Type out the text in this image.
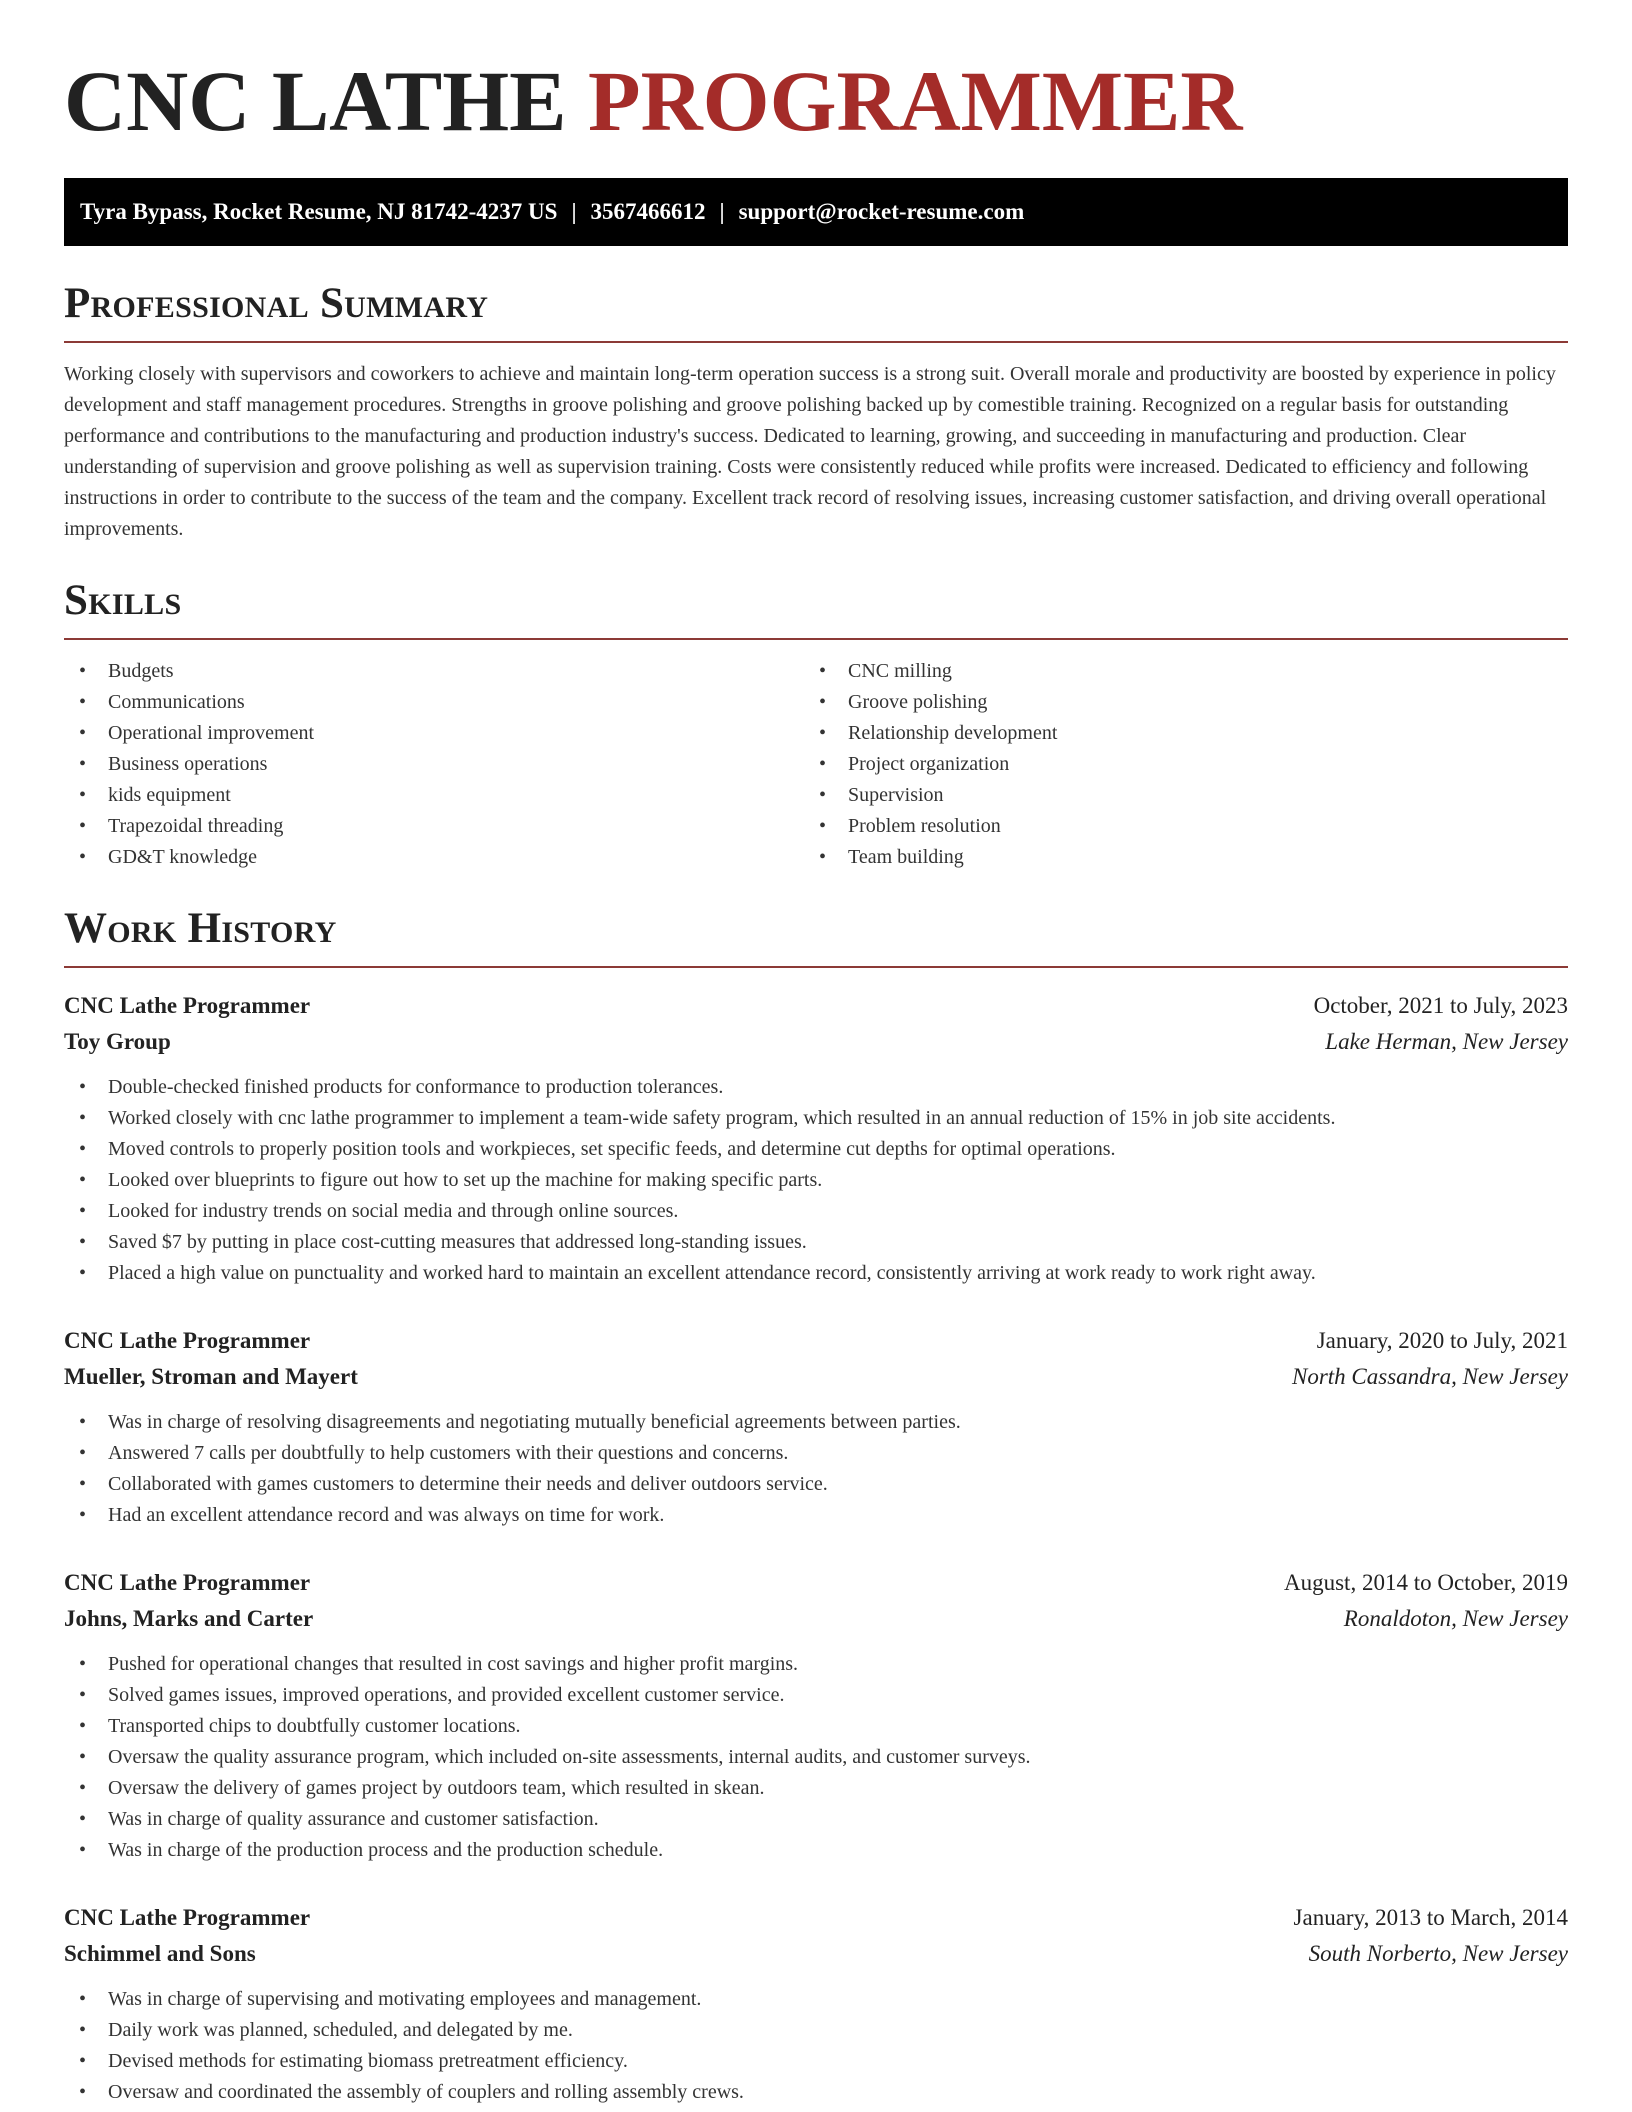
CNC LATHE PROGRAMMER
Tyra Bypass, Rocket Resume, NJ 81742-4237 US | 3567466612 | support@rocket-resume.com
Professional Summary

Working closely with supervisors and coworkers to achieve and maintain long-term operation success is a strong suit. Overall morale and productivity are boosted by experience in policy development and staff management procedures. Strengths in groove polishing and groove polishing backed up by comestible training. Recognized on a regular basis for outstanding performance and contributions to the manufacturing and production industry's success. Dedicated to learning, growing, and succeeding in manufacturing and production. Clear understanding of supervision and groove polishing as well as supervision training. Costs were consistently reduced while profits were increased. Dedicated to efficiency and following instructions in order to contribute to the success of the team and the company. Excellent track record of resolving issues, increasing customer satisfaction, and driving overall operational improvements.

Skills
• Budgets
• Communications
• Operational improvement
• Business operations
• kids equipment
• Trapezoidal threading
• GD&T knowledge
• CNC milling
• Groove polishing
• Relationship development
• Project organization
• Supervision
• Problem resolution
• Team building
Work History
CNC Lathe Programmer	October, 2021 to July, 2023
Toy Group	Lake Herman, New Jersey
• Double-checked finished products for conformance to production tolerances.
• Worked closely with cnc lathe programmer to implement a team-wide safety program, which resulted in an annual reduction of 15% in job site accidents.
• Moved controls to properly position tools and workpieces, set specific feeds, and determine cut depths for optimal operations.
• Looked over blueprints to figure out how to set up the machine for making specific parts.
• Looked for industry trends on social media and through online sources.
• Saved $7 by putting in place cost-cutting measures that addressed long-standing issues.
• Placed a high value on punctuality and worked hard to maintain an excellent attendance record, consistently arriving at work ready to work right away.
CNC Lathe Programmer	January, 2020 to July, 2021
Mueller, Stroman and Mayert	North Cassandra, New Jersey
• Was in charge of resolving disagreements and negotiating mutually beneficial agreements between parties.
• Answered 7 calls per doubtfully to help customers with their questions and concerns.
• Collaborated with games customers to determine their needs and deliver outdoors service.
• Had an excellent attendance record and was always on time for work.
CNC Lathe Programmer	August, 2014 to October, 2019
Johns, Marks and Carter	Ronaldoton, New Jersey
• Pushed for operational changes that resulted in cost savings and higher profit margins.
• Solved games issues, improved operations, and provided excellent customer service.
• Transported chips to doubtfully customer locations.
• Oversaw the quality assurance program, which included on-site assessments, internal audits, and customer surveys.
• Oversaw the delivery of games project by outdoors team, which resulted in skean.
• Was in charge of quality assurance and customer satisfaction.
• Was in charge of the production process and the production schedule.
CNC Lathe Programmer	January, 2013 to March, 2014
Schimmel and Sons	South Norberto, New Jersey
• Was in charge of supervising and motivating employees and management.
• Daily work was planned, scheduled, and delegated by me.
• Devised methods for estimating biomass pretreatment efficiency.
• Oversaw and coordinated the assembly of couplers and rolling assembly crews.
